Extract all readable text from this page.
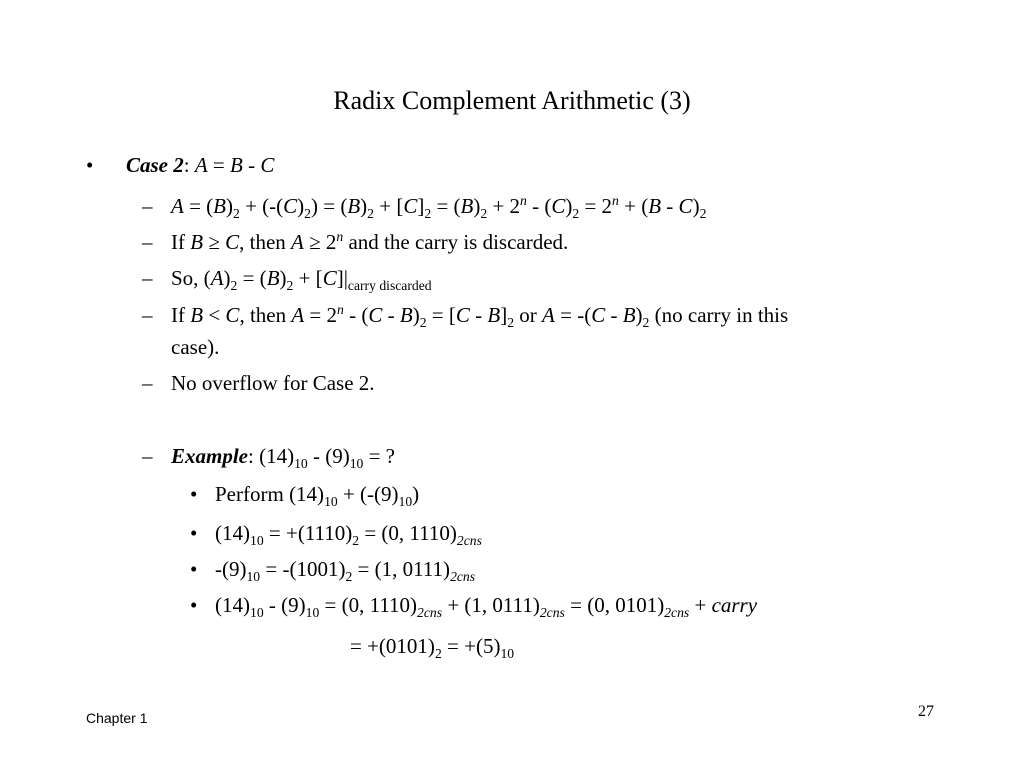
Radix Complement Arithmetic (3)
• Case 2: A = B - C
– $A = (B)_2 + (-(C)_2) = (B)_2 + [C]_2 = (B)_2 + 2^n - (C)_2 = 2^n + (B - C)_2$
– If B ≥ C, then $A \ge 2^n$ and the carry is discarded.
– So, $(A)_2 = (B)_2 + [C]|_{carry discarded}$
– If B < C, then $A = 2^n - (C - B)_2 = [C - B]_2$ or $A = -(C - B)_2$ (no carry in this
case).
– No overflow for Case 2.
– Example: $(14)_{10} - (9)_{10}$ = ?
• Perform $(14)_{10} + (-(9)_{10})$
• $(14)_{10} = +(1110)_2 = (0$, $1110)_{2cns}$
• $-(9)_{10} = -(1001)_2 = (1$, $0111)_{2cns}$
• $(14)_{10} - (9)_{10} = (0$, $1110)_{2cns} + (1$, $0111)_{2cns} = (0$, $0101)_{2cns}$ + carry
= $+(0101)_2 = +(5)_{10}$
Chapter 1	27
